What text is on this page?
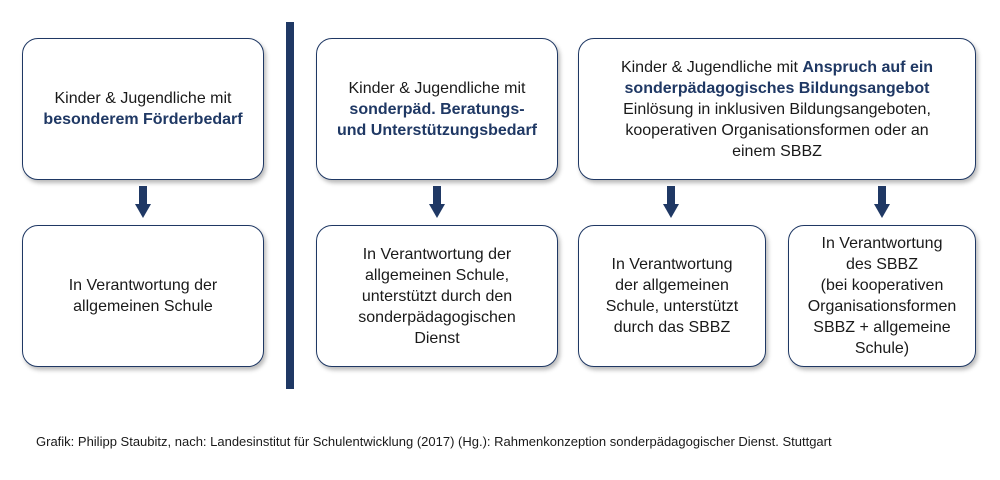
Kinder & Jugendliche mit
besonderem Förderbedarf
Kinder & Jugendliche mit
sonderpäd. Beratungs-
und Unterstützungsbedarf
Kinder & Jugendliche mit Anspruch auf ein
sonderpädagogisches Bildungsangebot
Einlösung in inklusiven Bildungsangeboten,
kooperativen Organisationsformen oder an
einem SBBZ
In Verantwortung der
allgemeinen Schule
In Verantwortung der
allgemeinen Schule,
unterstützt durch den
sonderpädagogischen
Dienst
In Verantwortung
der allgemeinen
Schule, unterstützt
durch das SBBZ
In Verantwortung
des SBBZ
(bei kooperativen
Organisationsformen
SBBZ + allgemeine
Schule)
Grafik: Philipp Staubitz, nach: Landesinstitut für Schulentwicklung (2017) (Hg.): Rahmenkonzeption sonderpädagogischer Dienst. Stuttgart
